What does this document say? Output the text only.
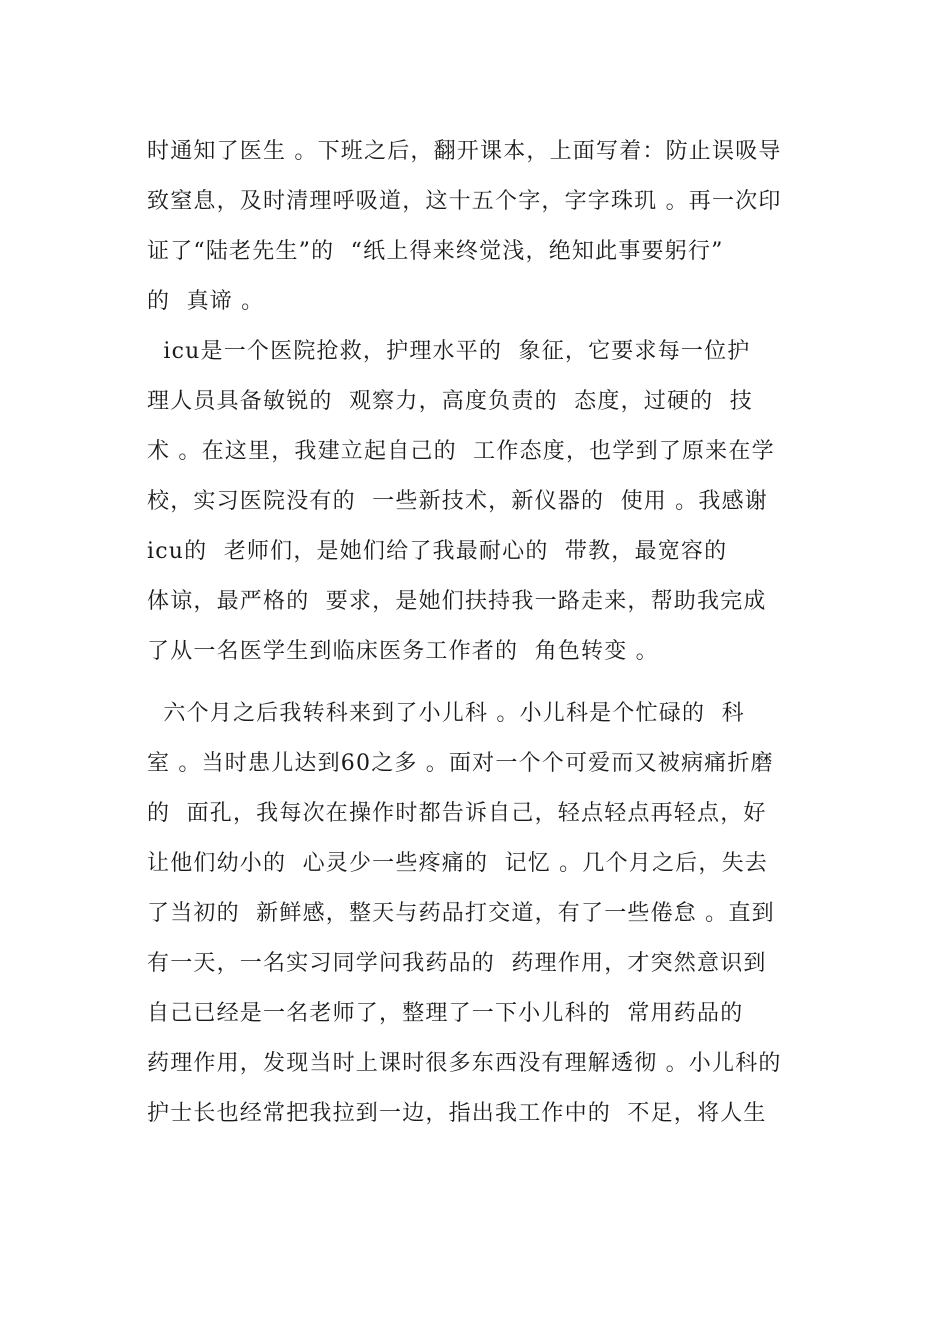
时通知了医生 。下班之后，翻开课本，上面写着：防止误吸导
致窒息，及时清理呼吸道，这十五个字，字字珠玑 。再一次印
证了“陆老先生”的  “纸上得来终觉浅，绝知此事要躬行”
的  真谛 。
icu是一个医院抢救，护理水平的  象征，它要求每一位护
理人员具备敏锐的  观察力，高度负责的  态度，过硬的  技
术 。在这里，我建立起自己的  工作态度，也学到了原来在学
校，实习医院没有的  一些新技术，新仪器的  使用 。我感谢
icu的  老师们，是她们给了我最耐心的  带教，最宽容的
体谅，最严格的  要求，是她们扶持我一路走来，帮助我完成
了从一名医学生到临床医务工作者的  角色转变 。
六个月之后我转科来到了小儿科 。小儿科是个忙碌的  科
室 。当时患儿达到60之多 。面对一个个可爱而又被病痛折磨
的  面孔，我每次在操作时都告诉自己，轻点轻点再轻点，好
让他们幼小的  心灵少一些疼痛的  记忆 。几个月之后，失去
了当初的  新鲜感，整天与药品打交道，有了一些倦怠 。直到
有一天，一名实习同学问我药品的  药理作用，才突然意识到
自己已经是一名老师了，整理了一下小儿科的  常用药品的
药理作用，发现当时上课时很多东西没有理解透彻 。小儿科的
护士长也经常把我拉到一边，指出我工作中的  不足，将人生
